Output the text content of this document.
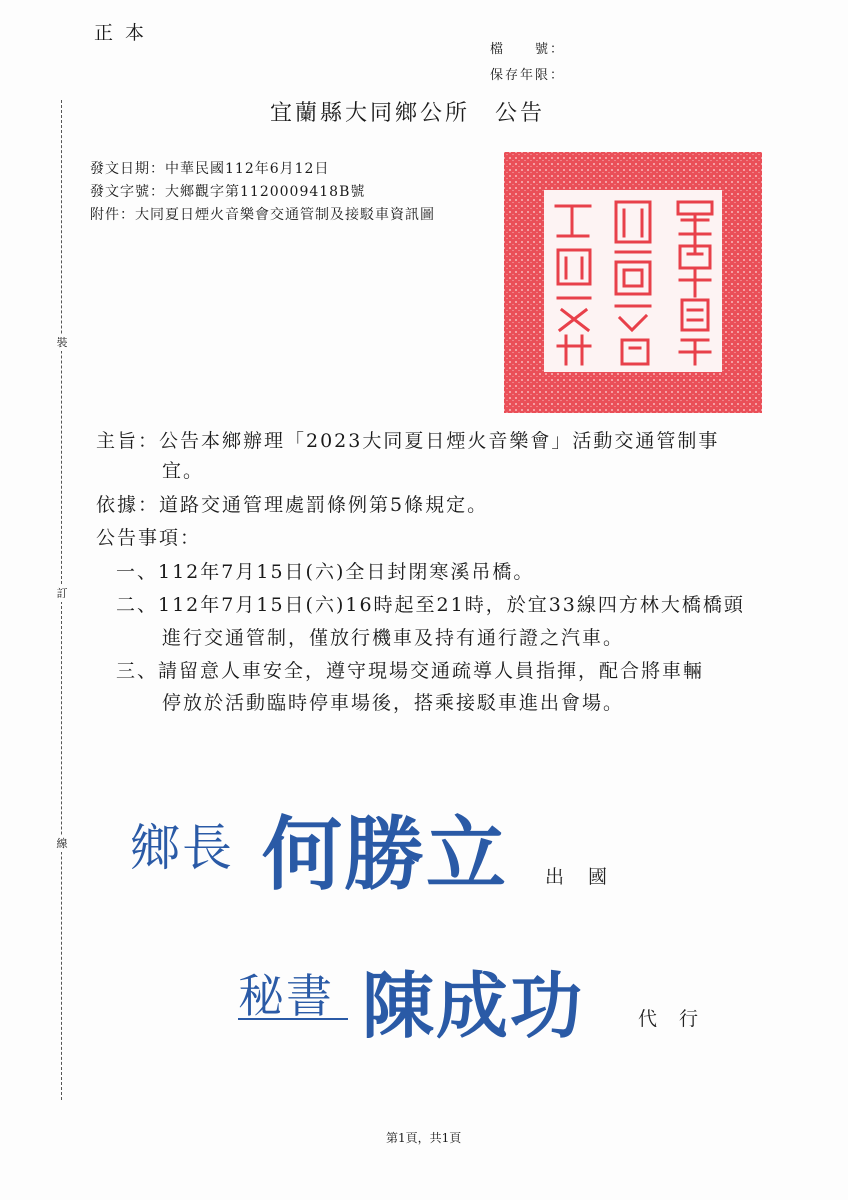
正本
檔　　號：
保存年限：
宜蘭縣大同鄉公所　公告
發文日期：中華民國112年6月12日
發文字號：大鄉觀字第1120009418B號
附件：大同夏日煙火音樂會交通管制及接駁車資訊圖
裝
訂
線
主旨：公告本鄉辦理「2023大同夏日煙火音樂會」活動交通管制事
宜。
依據：道路交通管理處罰條例第5條規定。
公告事項：
一、112年7月15日(六)全日封閉寒溪吊橋。
二、112年7月15日(六)16時起至21時，於宜33線四方林大橋橋頭
進行交通管制，僅放行機車及持有通行證之汽車。
三、請留意人車安全，遵守現場交通疏導人員指揮，配合將車輛
停放於活動臨時停車場後，搭乘接駁車進出會場。
鄉長 何勝立 出國
秘書 陳成功	代行
第1頁，共1頁
